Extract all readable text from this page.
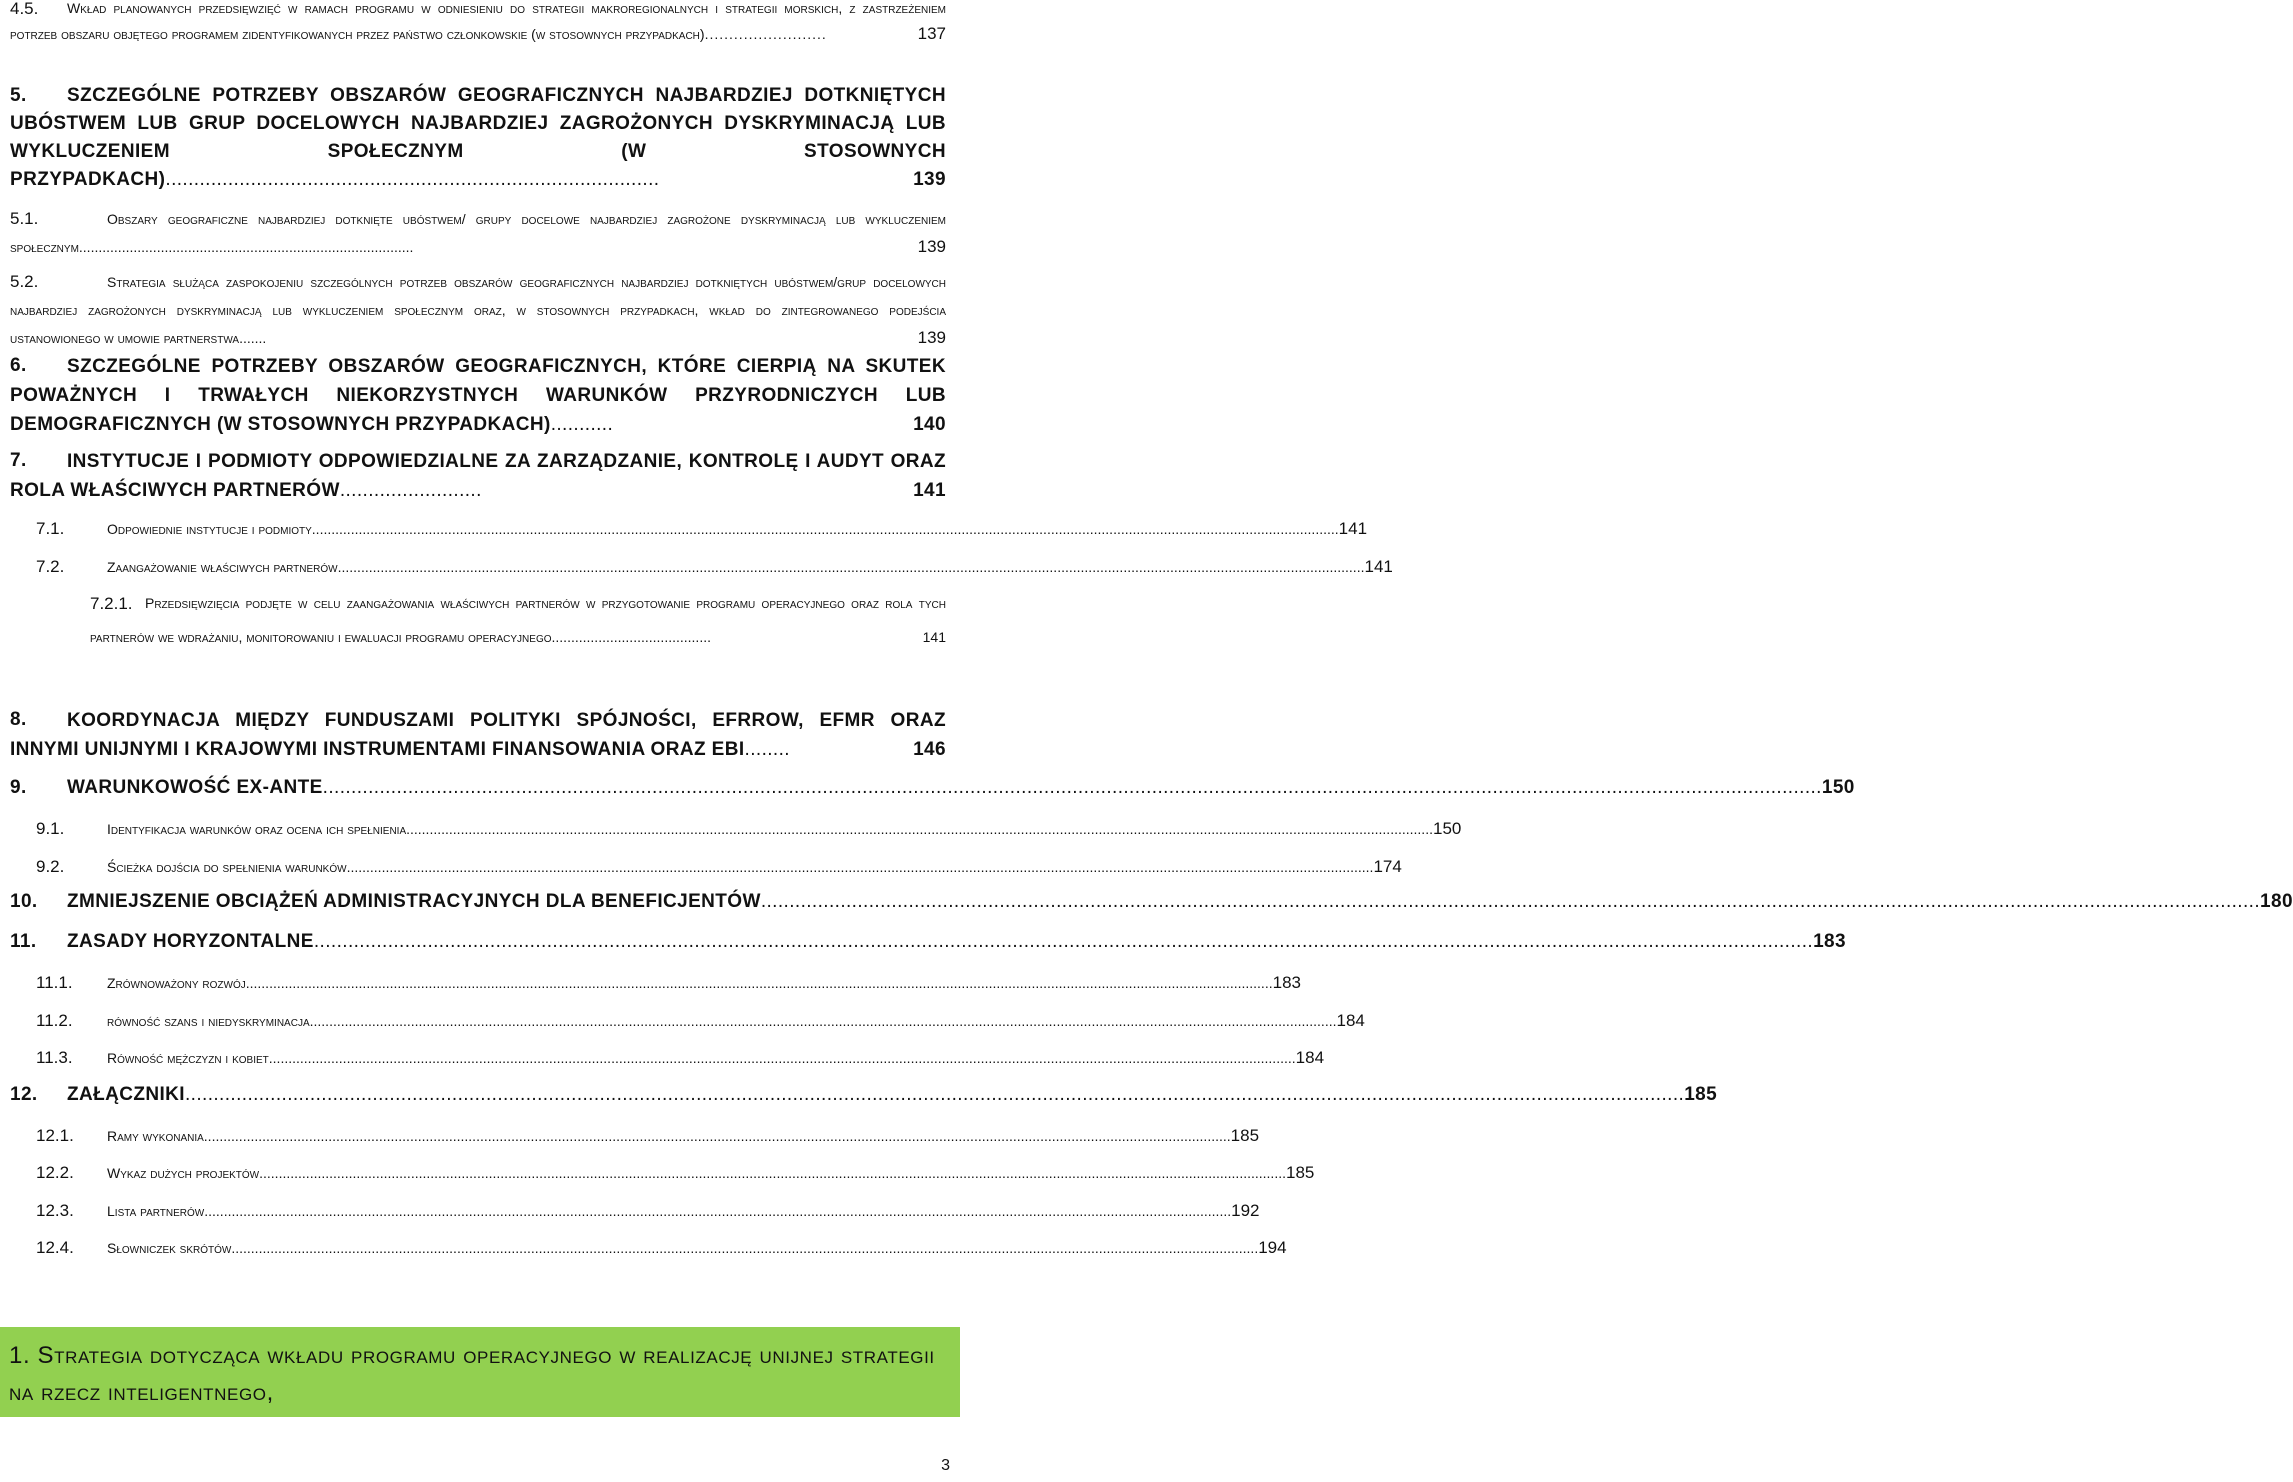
4.5.	Wkład planowanych przedsięwzięć w ramach programu w odniesieniu do strategii makroregionalnych i strategii morskich, z zastrzeżeniem potrzeb obszaru objętego programem zidentyfikowanych przez państwo członkowskie (w stosownych przypadkach).........................	137
5.	SZCZEGÓLNE POTRZEBY OBSZARÓW GEOGRAFICZNYCH NAJBARDZIEJ DOTKNIĘTYCH UBÓSTWEM LUB GRUP DOCELOWYCH NAJBARDZIEJ ZAGROŻONYCH DYSKRYMINACJĄ LUB WYKLUCZENIEM SPOŁECZNYM (W STOSOWNYCH PRZYPADKACH).......................................................................................	139
5.1.	Obszary geograficzne najbardziej dotknięte ubóstwem/ grupy docelowe najbardziej zagrożone dyskryminacją lub wykluczeniem społecznym......................................................................................	139
5.2.	Strategia służąca zaspokojeniu szczególnych potrzeb obszarów geograficznych najbardziej dotkniętych ubóstwem/grup docelowych najbardziej zagrożonych dyskryminacją lub wykluczeniem społecznym oraz, w stosownych przypadkach, wkład do zintegrowanego podejścia ustanowionego w umowie partnerstwa.......	139
6.	SZCZEGÓLNE POTRZEBY OBSZARÓW GEOGRAFICZNYCH, KTÓRE CIERPIĄ NA SKUTEK POWAŻNYCH I TRWAŁYCH NIEKORZYSTNYCH WARUNKÓW PRZYRODNICZYCH LUB DEMOGRAFICZNYCH (W STOSOWNYCH PRZYPADKACH)...........	140
7.	INSTYTUCJE I PODMIOTY ODPOWIEDZIALNE ZA ZARZĄDZANIE, KONTROLĘ I AUDYT ORAZ ROLA WŁAŚCIWYCH PARTNERÓW.........................	141
7.1.	Odpowiednie instytucje i podmioty .....	141
7.2.	Zaangażowanie właściwych partnerów .....	141
7.2.1. Przedsięwzięcia podjęte w celu zaangażowania właściwych partnerów w przygotowanie programu operacyjnego oraz rola tych partnerów we wdrażaniu, monitorowaniu i ewaluacji programu operacyjnego.........................................	141
8.	KOORDYNACJA MIĘDZY FUNDUSZAMI POLITYKI SPÓJNOŚCI, EFRROW, EFMR ORAZ INNYMI UNIJNYMI I KRAJOWYMI INSTRUMENTAMI FINANSOWANIA ORAZ EBI........	146
9. WARUNKOWOŚĆ EX-ANTE .....	150
9.1.	Identyfikacja warunków oraz ocena ich spełnienia .....	150
9.2.	Ścieżka dojścia do spełnienia warunków .....	174
10. ZMNIEJSZENIE OBCIĄŻEŃ ADMINISTRACYJNYCH DLA BENEFICJENTÓW .....	180
11. ZASADY HORYZONTALNE .....	183
11.1. Zrównoważony rozwój .....	183
11.2. równość szans i niedyskryminacja .....	184
11.3. Równość mężczyzn i kobiet .....	184
12. ZAŁĄCZNIKI .....	185
12.1. Ramy wykonania .....	185
12.2. Wykaz dużych projektów .....	185
12.3. Lista partnerów .....	192
12.4. Słowniczek skrótów .....	194
1. Strategia dotycząca wkładu programu operacyjnego w realizację unijnej strategii na rzecz inteligentnego,
3
